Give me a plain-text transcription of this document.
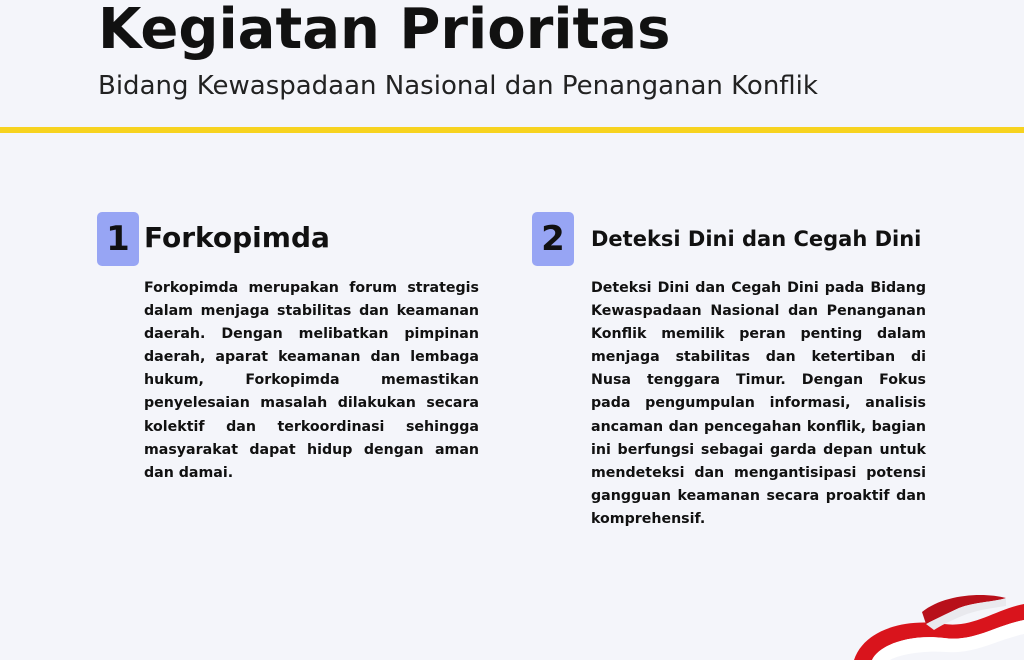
Kegiatan Prioritas

Bidang Kewaspadaan Nasional dan Penanganan Konflik

1 Forkopimda

Forkopimda merupakan forum strategis dalam menjaga stabilitas dan keamanan daerah. Dengan melibatkan pimpinan daerah, aparat keamanan dan lembaga hukum, Forkopimda memastikan penyelesaian masalah dilakukan secara kolektif dan terkoordinasi sehingga masyarakat dapat hidup dengan aman dan damai.

2	Deteksi Dini dan Cegah Dini

Deteksi Dini dan Cegah Dini pada Bidang Kewaspadaan Nasional dan Penanganan Konflik memilik peran penting dalam menjaga stabilitas dan ketertiban di Nusa tenggara Timur. Dengan Fokus pada pengumpulan informasi, analisis ancaman dan pencegahan konflik, bagian ini berfungsi sebagai garda depan untuk mendeteksi dan mengantisipasi potensi gangguan keamanan secara proaktif dan komprehensif.
